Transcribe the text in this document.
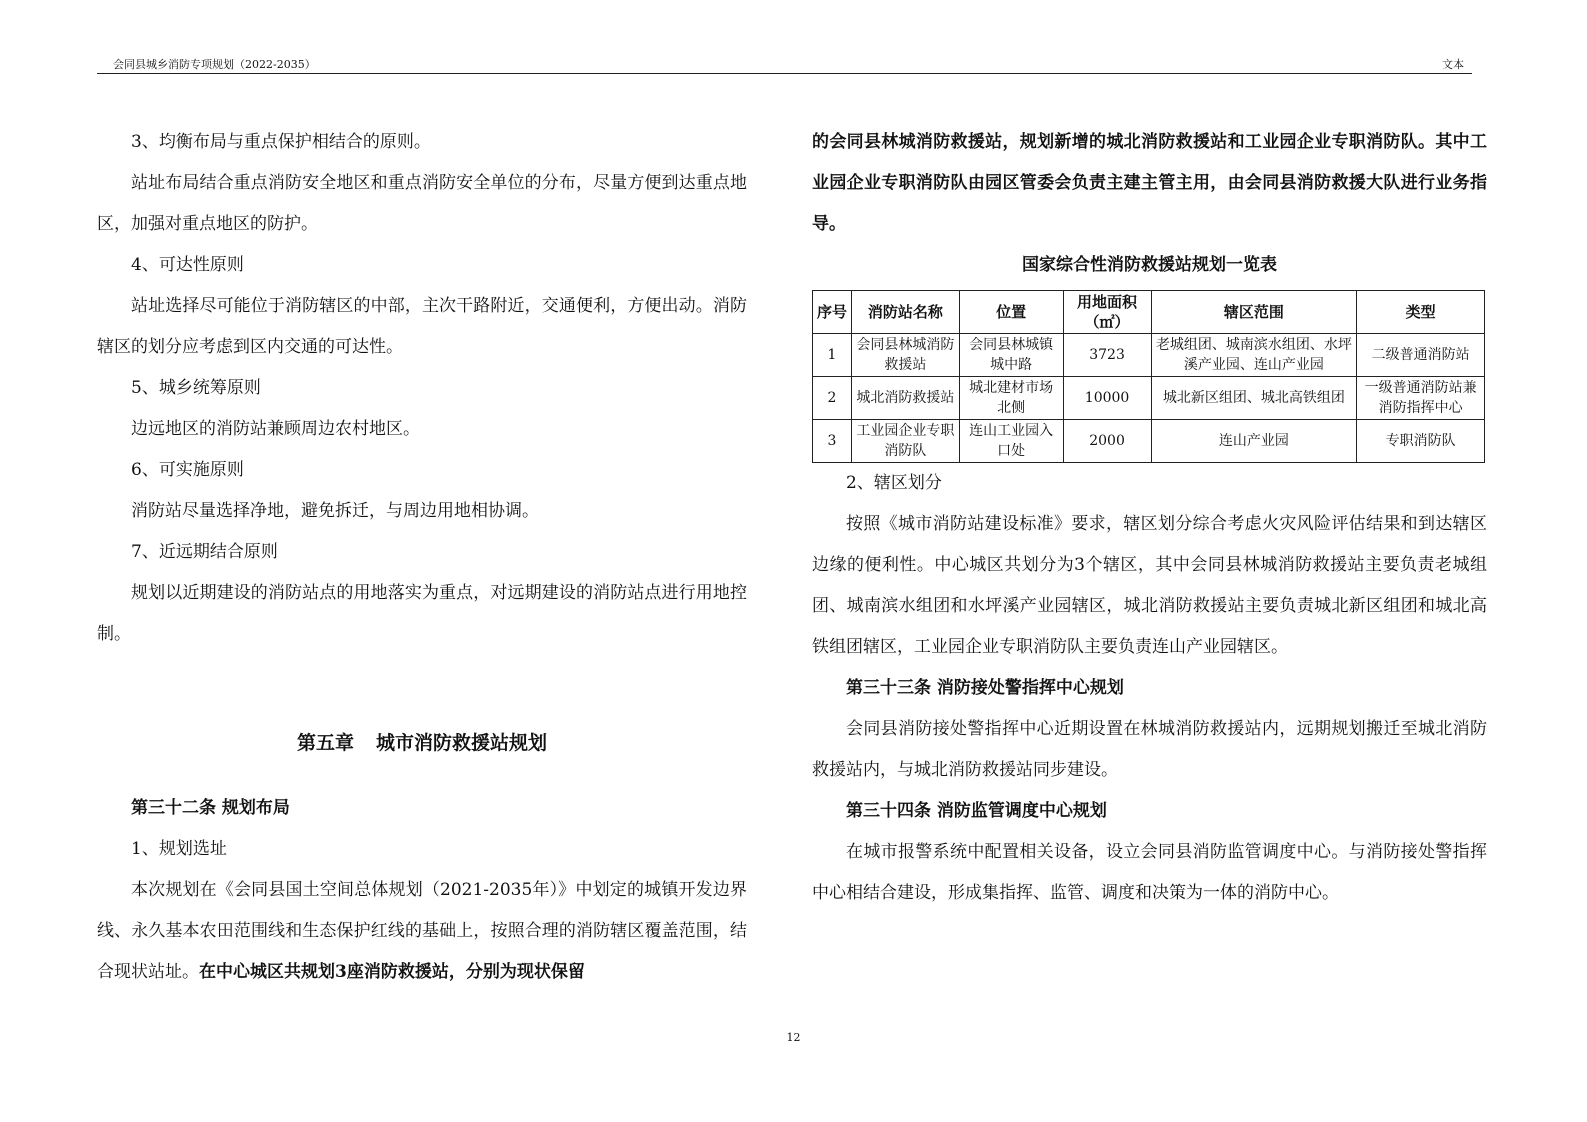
会同县城乡消防专项规划（2022-2035）	文本

3、均衡布局与重点保护相结合的原则。

站址布局结合重点消防安全地区和重点消防安全单位的分布，尽量方便到达重点地区，加强对重点地区的防护。

4、可达性原则

站址选择尽可能位于消防辖区的中部，主次干路附近，交通便利，方便出动。消防辖区的划分应考虑到区内交通的可达性。

5、城乡统筹原则

边远地区的消防站兼顾周边农村地区。

6、可实施原则

消防站尽量选择净地，避免拆迁，与周边用地相协调。

7、近远期结合原则

规划以近期建设的消防站点的用地落实为重点，对远期建设的消防站点进行用地控制。

第五章 城市消防救援站规划

第三十二条 规划布局

1、规划选址

本次规划在《会同县国土空间总体规划（2021-2035年）》中划定的城镇开发边界线、永久基本农田范围线和生态保护红线的基础上，按照合理的消防辖区覆盖范围，结合现状站址。在中心城区共规划3座消防救援站，分别为现状保留

的会同县林城消防救援站，规划新增的城北消防救援站和工业园企业专职消防队。其中工业园企业专职消防队由园区管委会负责主建主管主用，由会同县消防救援大队进行业务指导。

国家综合性消防救援站规划一览表
序号	消防站名称	位置	用地面积（㎡）	辖区范围	类型
1	会同县林城消防救援站	会同县林城镇城中路	3723	老城组团、城南滨水组团、水坪溪产业园、连山产业园	二级普通消防站
2	城北消防救援站	城北建材市场北侧	10000	城北新区组团、城北高铁组团	一级普通消防站兼消防指挥中心
3	工业园企业专职消防队	连山工业园入口处	2000	连山产业园	专职消防队

2、辖区划分

按照《城市消防站建设标准》要求，辖区划分综合考虑火灾风险评估结果和到达辖区边缘的便利性。中心城区共划分为3个辖区，其中会同县林城消防救援站主要负责老城组团、城南滨水组团和水坪溪产业园辖区，城北消防救援站主要负责城北新区组团和城北高铁组团辖区，工业园企业专职消防队主要负责连山产业园辖区。

第三十三条 消防接处警指挥中心规划

会同县消防接处警指挥中心近期设置在林城消防救援站内，远期规划搬迁至城北消防救援站内，与城北消防救援站同步建设。

第三十四条 消防监管调度中心规划

在城市报警系统中配置相关设备，设立会同县消防监管调度中心。与消防接处警指挥中心相结合建设，形成集指挥、监管、调度和决策为一体的消防中心。

12
